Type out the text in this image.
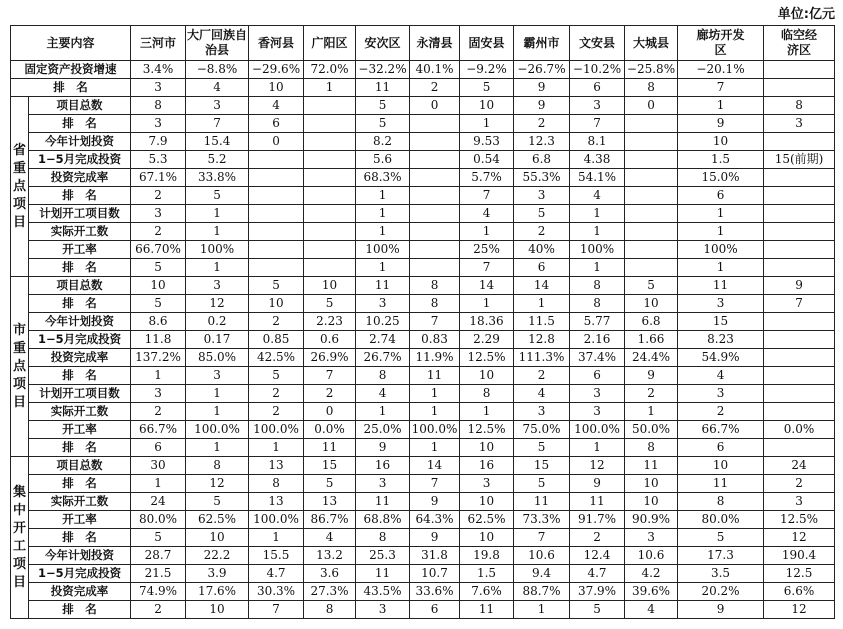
单位:亿元
主要内容		三河市	大厂回族自治县	香河县	广阳区	安次区	永清县	固安县	霸州市	文安县	大城县	廊坊开发区	临空经济区
固定资产投资增速		3.4%	−8.8%	−29.6%	72.0%	−32.2%	40.1%	−9.2%	−26.7%	−10.2%	−25.8%	−20.1%	
排　名		3	4	10	1	11	2	5	9	6	8	7	
省重点项目	项目总数	8	3	4		5	0	10	9	3	0	1	8
	排　名	3	7	6		5		1	2	7		9	3
	今年计划投资	7.9	15.4	0		8.2		9.53	12.3	8.1		10	
	1−5月完成投资	5.3	5.2			5.6		0.54	6.8	4.38		1.5	15(前期)
	投资完成率	67.1%	33.8%			68.3%		5.7%	55.3%	54.1%		15.0%	
	排　名	2	5			1		7	3	4		6	
	计划开工项目数	3	1			1		4	5	1		1	
	实际开工数	2	1			1		1	2	1		1	
	开工率	66.70%	100%			100%		25%	40%	100%		100%	
	排　名	5	1			1		7	6	1		1	
市重点项目	项目总数	10	3	5	10	11	8	14	14	8	5	11	9
	排　名	5	12	10	5	3	8	1	1	8	10	3	7
	今年计划投资	8.6	0.2	2	2.23	10.25	7	18.36	11.5	5.77	6.8	15	
	1−5月完成投资	11.8	0.17	0.85	0.6	2.74	0.83	2.29	12.8	2.16	1.66	8.23	
	投资完成率	137.2%	85.0%	42.5%	26.9%	26.7%	11.9%	12.5%	111.3%	37.4%	24.4%	54.9%	
	排　名	1	3	5	7	8	11	10	2	6	9	4	
	计划开工项目数	3	1	2	2	4	1	8	4	3	2	3	
	实际开工数	2	1	2	0	1	1	1	3	3	1	2	
	开工率	66.7%	100.0%	100.0%	0.0%	25.0%	100.0%	12.5%	75.0%	100.0%	50.0%	66.7%	0.0%
	排　名	6	1	1	11	9	1	10	5	1	8	6	
集中开工项目	项目总数	30	8	13	15	16	14	16	15	12	11	10	24
	排　名	1	12	8	5	3	7	3	5	9	10	11	2
	实际开工数	24	5	13	13	11	9	10	11	11	10	8	3
	开工率	80.0%	62.5%	100.0%	86.7%	68.8%	64.3%	62.5%	73.3%	91.7%	90.9%	80.0%	12.5%
	排　名	5	10	1	4	8	9	10	7	2	3	5	12
	今年计划投资	28.7	22.2	15.5	13.2	25.3	31.8	19.8	10.6	12.4	10.6	17.3	190.4
	1−5月完成投资	21.5	3.9	4.7	3.6	11	10.7	1.5	9.4	4.7	4.2	3.5	12.5
	投资完成率	74.9%	17.6%	30.3%	27.3%	43.5%	33.6%	7.6%	88.7%	37.9%	39.6%	20.2%	6.6%
	排　名	2	10	7	8	3	6	11	1	5	4	9	12
